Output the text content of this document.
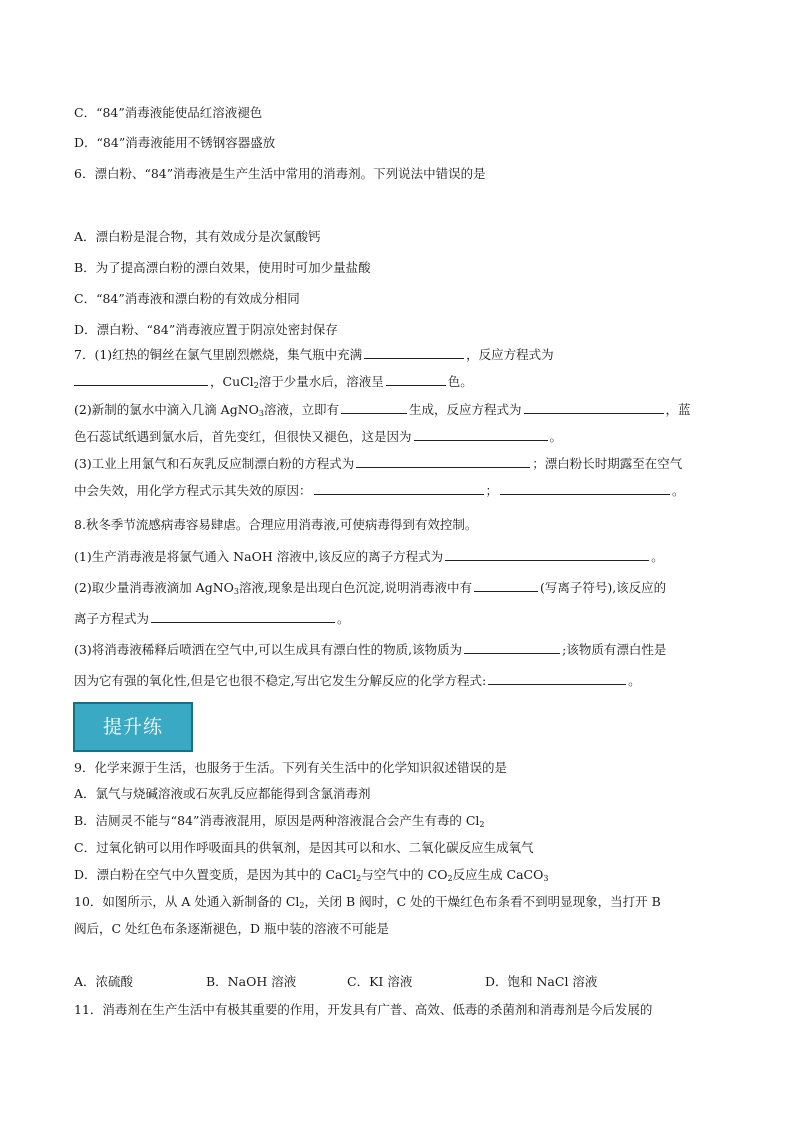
C．“84”消毒液能使品红溶液褪色
D．“84”消毒液能用不锈钢容器盛放
6．漂白粉、“84”消毒液是生产生活中常用的消毒剂。下列说法中错误的是
A．漂白粉是混合物，其有效成分是次氯酸钙
B．为了提高漂白粉的漂白效果，使用时可加少量盐酸
C．“84”消毒液和漂白粉的有效成分相同
D．漂白粉、“84”消毒液应置于阴凉处密封保存
7．(1)红热的铜丝在氯气里剧烈燃烧，集气瓶中充满	，反应方程式为
，CuCl$_2$溶于少量水后，溶液呈	色。
(2)新制的氯水中滴入几滴 AgNO$_3$溶液，立即有	生成，反应方程式为	，蓝
色石蕊试纸遇到氯水后，首先变红，但很快又褪色，这是因为	。
(3)工业上用氯气和石灰乳反应制漂白粉的方程式为	；漂白粉长时期露至在空气
中会失效，用化学方程式示其失效的原因：	；	。
8.秋冬季节流感病毒容易肆虐。合理应用消毒液,可使病毒得到有效控制。
(1)生产消毒液是将氯气通入 NaOH 溶液中,该反应的离子方程式为	。
(2)取少量消毒液滴加 AgNO$_3$溶液,现象是出现白色沉淀,说明消毒液中有	(写离子符号),该反应的
离子方程式为	。
(3)将消毒液稀释后喷洒在空气中,可以生成具有漂白性的物质,该物质为	;该物质有漂白性是
因为它有强的氧化性,但是它也很不稳定,写出它发生分解反应的化学方程式:	。
提升练
9．化学来源于生活，也服务于生活。下列有关生活中的化学知识叙述错误的是
A．氯气与烧碱溶液或石灰乳反应都能得到含氯消毒剂
B．洁厕灵不能与“84”消毒液混用，原因是两种溶液混合会产生有毒的 $Cl_2$
C．过氧化钠可以用作呼吸面具的供氧剂，是因其可以和水、二氧化碳反应生成氧气
D．漂白粉在空气中久置变质，是因为其中的 CaCl$_2$与空气中的 $CO_2$反应生成 CaCO$_3$
10．如图所示，从 A 处通入新制备的 $Cl_2$，关闭 B 阀时，C 处的干燥红色布条看不到明显现象，当打开 B
阀后，C 处红色布条逐渐褪色，D 瓶中装的溶液不可能是
A．浓硫酸	B．NaOH 溶液	C．KI 溶液	D．饱和 NaCl 溶液
11．消毒剂在生产生活中有极其重要的作用，开发具有广普、高效、低毒的杀菌剂和消毒剂是今后发展的
